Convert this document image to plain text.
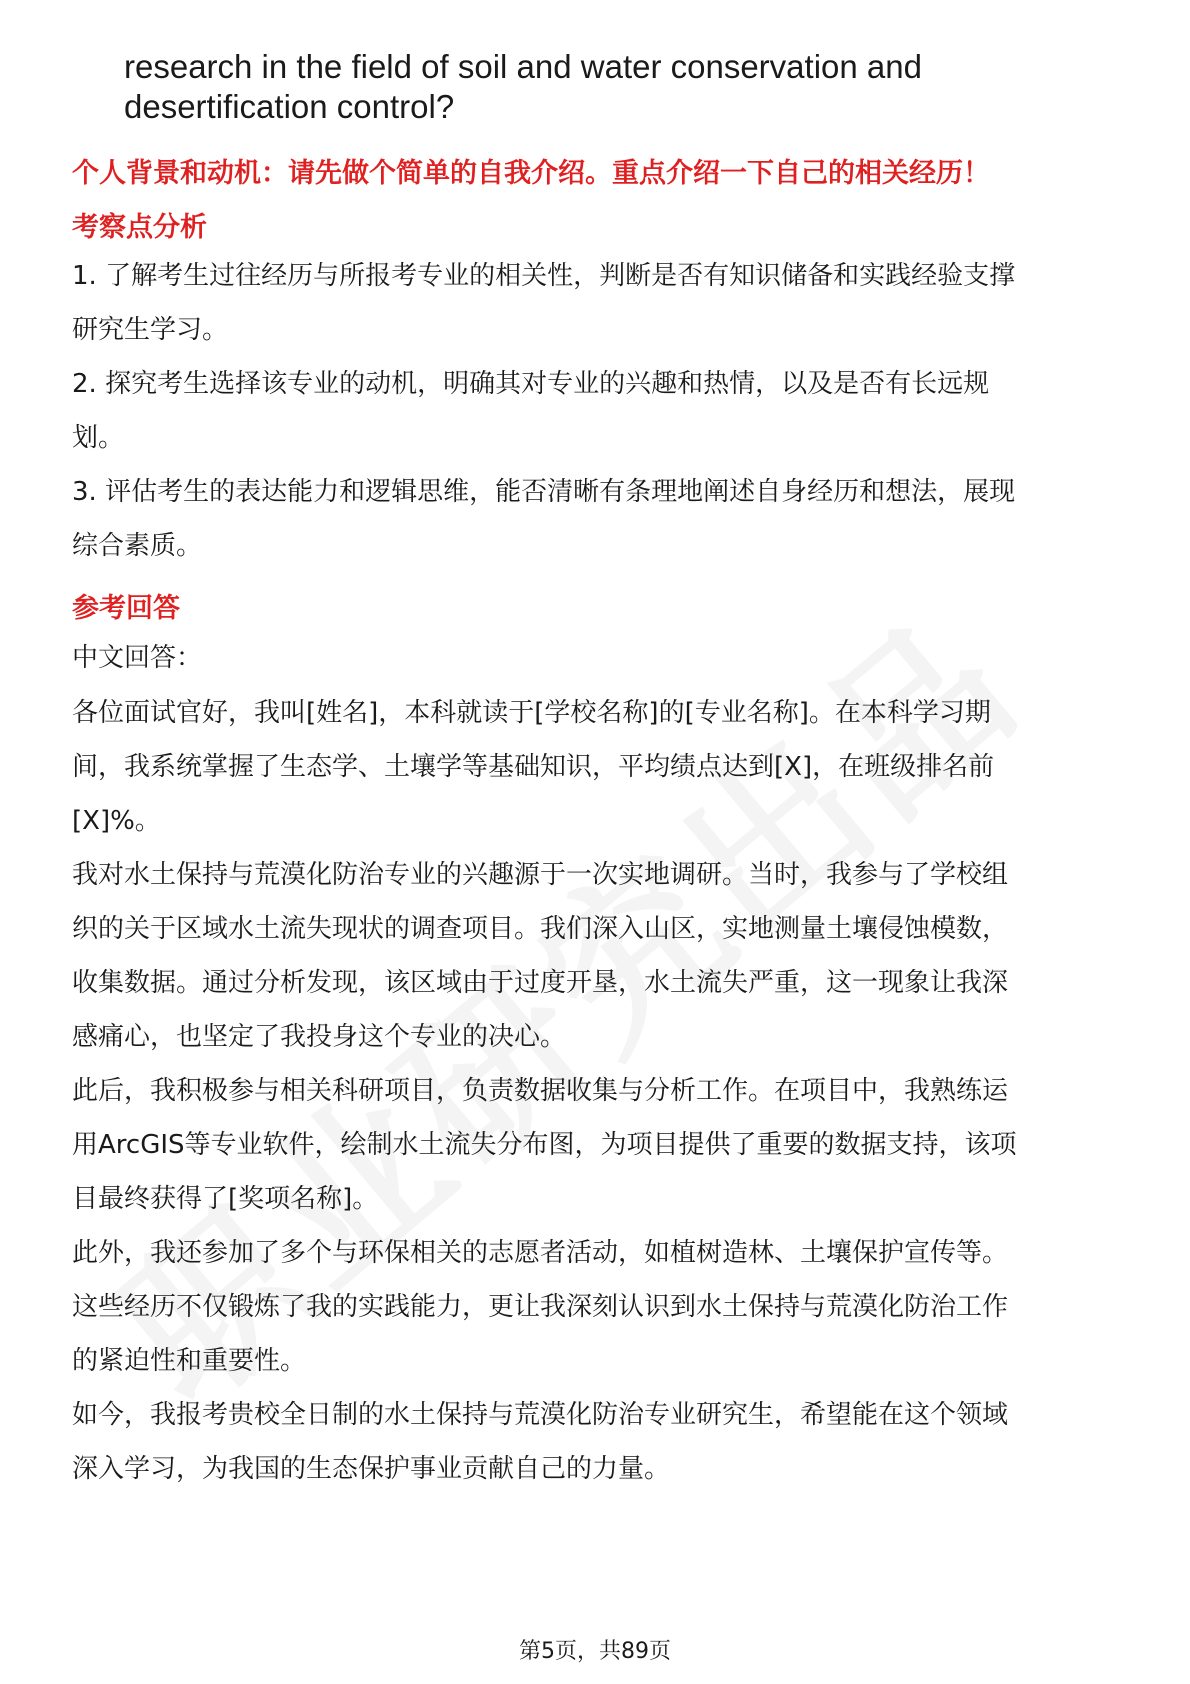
research in the field of soil and water conservation and

desertification control?

个人背景和动机：请先做个简单的自我介绍。重点介绍一下自己的相关经历！

考察点分析

1. 了解考生过往经历与所报考专业的相关性，判断是否有知识储备和实践经验支撑

研究生学习。

2. 探究考生选择该专业的动机，明确其对专业的兴趣和热情，以及是否有长远规

划。

3. 评估考生的表达能力和逻辑思维，能否清晰有条理地阐述自身经历和想法，展现

综合素质。

参考回答

中文回答：

各位面试官好，我叫[姓名]，本科就读于[学校名称]的[专业名称]。在本科学习期

间，我系统掌握了生态学、土壤学等基础知识，平均绩点达到[X]，在班级排名前

[X]%。

我对水土保持与荒漠化防治专业的兴趣源于一次实地调研。当时，我参与了学校组

织的关于区域水土流失现状的调查项目。我们深入山区，实地测量土壤侵蚀模数，

收集数据。通过分析发现，该区域由于过度开垦，水土流失严重，这一现象让我深

感痛心，也坚定了我投身这个专业的决心。

此后，我积极参与相关科研项目，负责数据收集与分析工作。在项目中，我熟练运

用ArcGIS等专业软件，绘制水土流失分布图，为项目提供了重要的数据支持，该项

目最终获得了[奖项名称]。

此外，我还参加了多个与环保相关的志愿者活动，如植树造林、土壤保护宣传等。

这些经历不仅锻炼了我的实践能力，更让我深刻认识到水土保持与荒漠化防治工作

的紧迫性和重要性。

如今，我报考贵校全日制的水土保持与荒漠化防治专业研究生，希望能在这个领域

深入学习，为我国的生态保护事业贡献自己的力量。

第5页，共89页
